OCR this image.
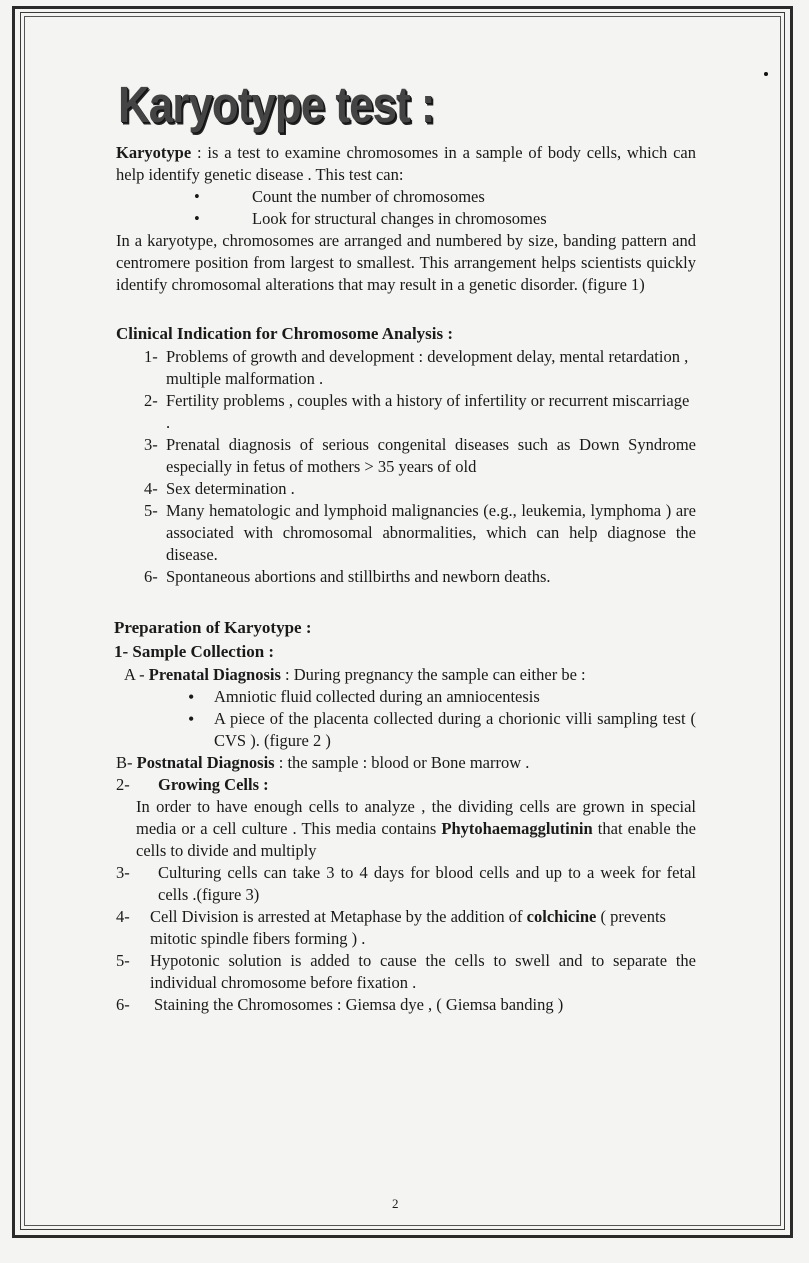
Karyotype test :

Karyotype : is a test to examine chromosomes in a sample of body cells, which can help identify genetic disease . This test can:

•	Count the number of chromosomes
•	Look for structural changes in chromosomes

In a karyotype, chromosomes are arranged and numbered by size, banding pattern and centromere position from largest to smallest. This arrangement helps scientists quickly identify chromosomal alterations that may result in a genetic disorder. (figure 1)

Clinical Indication for Chromosome Analysis :
1- Problems of growth and development : development delay, mental retardation , multiple malformation .
2- Fertility problems , couples with a history of infertility or recurrent miscarriage .
3- Prenatal diagnosis of serious congenital diseases such as Down Syndrome especially in fetus of mothers > 35 years of old
4- Sex determination .
5- Many hematologic and lymphoid malignancies (e.g., leukemia, lymphoma ) are associated with chromosomal abnormalities, which can help diagnose the disease.
6- Spontaneous abortions and stillbirths and newborn deaths.
Preparation of Karyotype :
1- Sample Collection :

A - Prenatal Diagnosis : During pregnancy the sample can either be :

• Amniotic fluid collected during an amniocentesis
• A piece of the placenta collected during a chorionic villi sampling test ( CVS ). (figure 2 )

B- Postnatal Diagnosis : the sample : blood or Bone marrow .

2-	Growing Cells :

In order to have enough cells to analyze , the dividing cells are grown in special media or a cell culture . This media contains Phytohaemagglutinin that enable the cells to divide and multiply

3-	Culturing cells can take 3 to 4 days for blood cells and up to a week for fetal cells .(figure 3)

4-	Cell Division is arrested at Metaphase by the addition of colchicine ( prevents mitotic spindle fibers forming ) .

5-	Hypotonic solution is added to cause the cells to swell and to separate the individual chromosome before fixation .

6-	Staining the Chromosomes : Giemsa dye , ( Giemsa banding )

2
